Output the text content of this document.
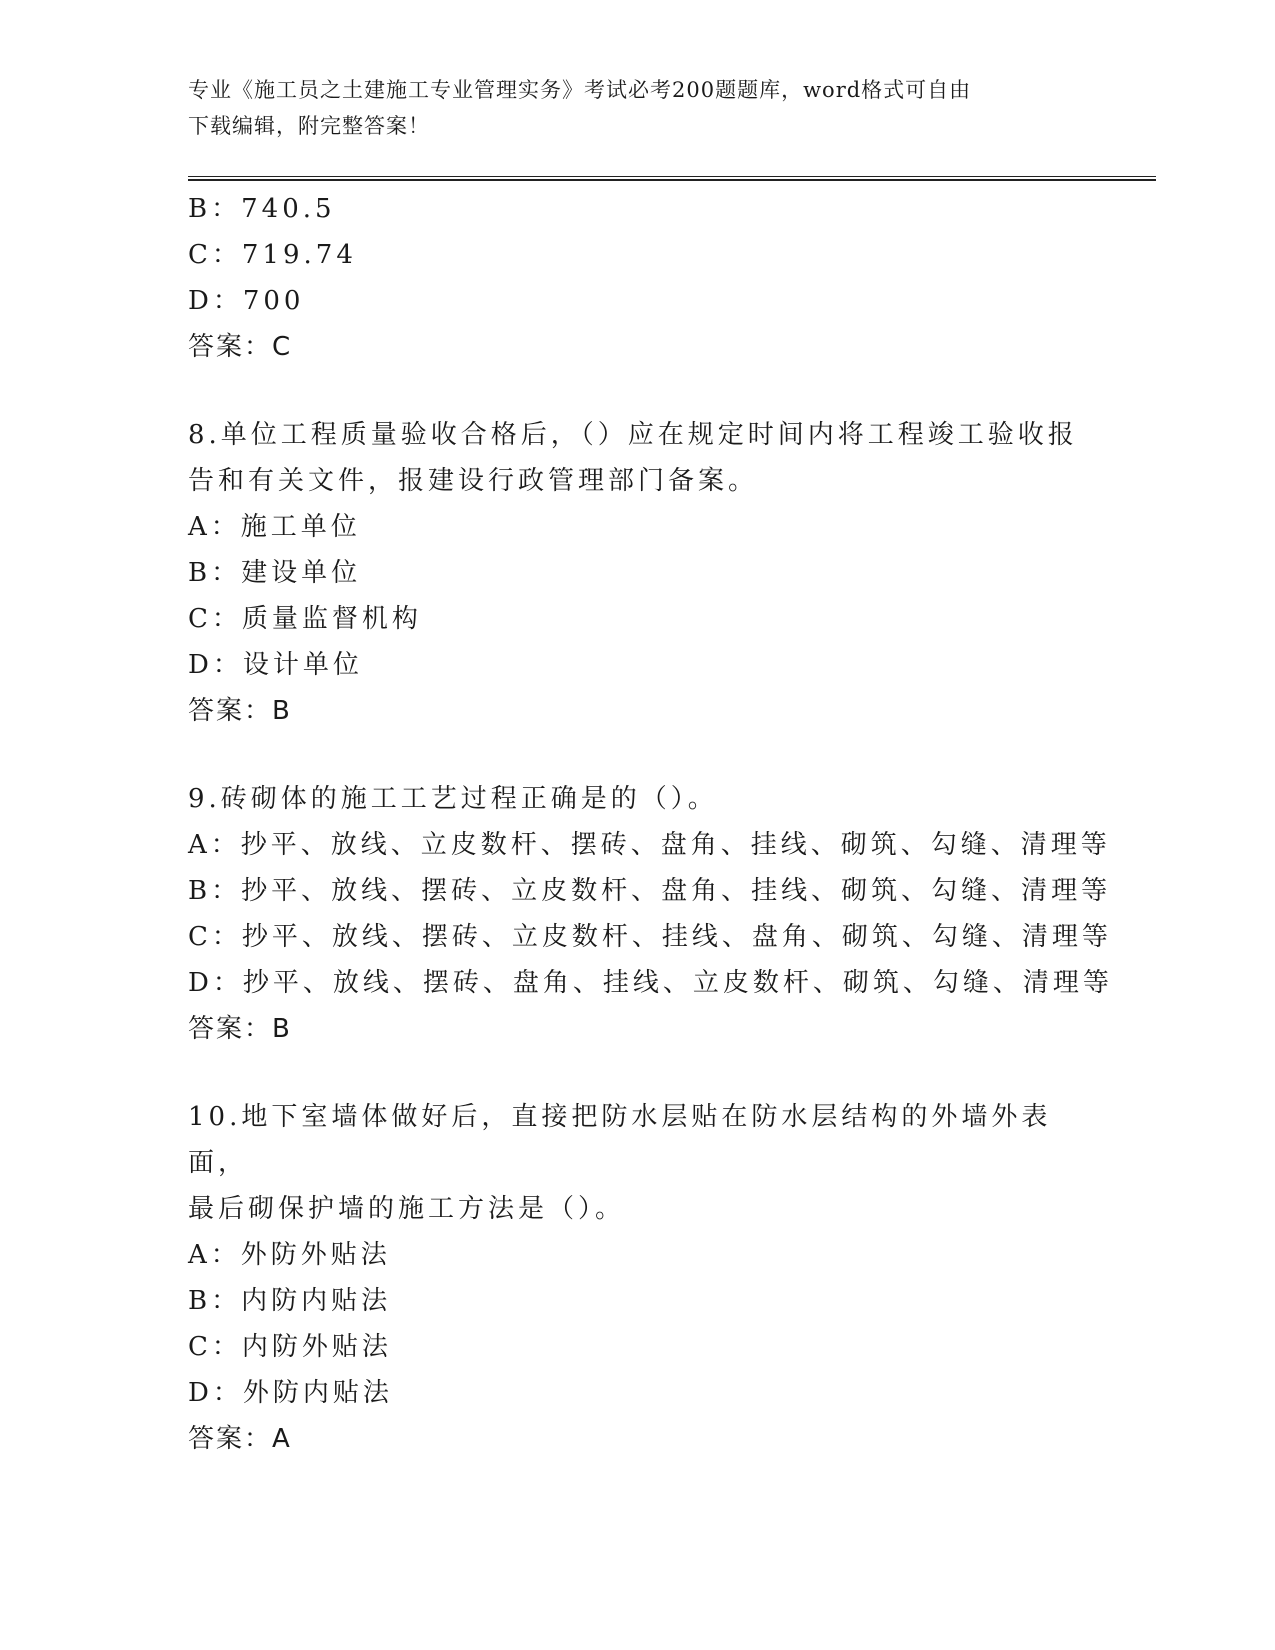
专业《施工员之土建施工专业管理实务》考试必考200题题库，word格式可自由
下载编辑，附完整答案！
B：740.5
C：719.74
D：700
答案：C
8.单位工程质量验收合格后，（）应在规定时间内将工程竣工验收报
告和有关文件，报建设行政管理部门备案。
A：施工单位
B：建设单位
C：质量监督机构
D：设计单位
答案：B
9.砖砌体的施工工艺过程正确是的（）。
A：抄平、放线、立皮数杆、摆砖、盘角、挂线、砌筑、勾缝、清理等
B：抄平、放线、摆砖、立皮数杆、盘角、挂线、砌筑、勾缝、清理等
C：抄平、放线、摆砖、立皮数杆、挂线、盘角、砌筑、勾缝、清理等
D：抄平、放线、摆砖、盘角、挂线、立皮数杆、砌筑、勾缝、清理等
答案：B
10.地下室墙体做好后，直接把防水层贴在防水层结构的外墙外表面，
最后砌保护墙的施工方法是（）。
A：外防外贴法
B：内防内贴法
C：内防外贴法
D：外防内贴法
答案：A
